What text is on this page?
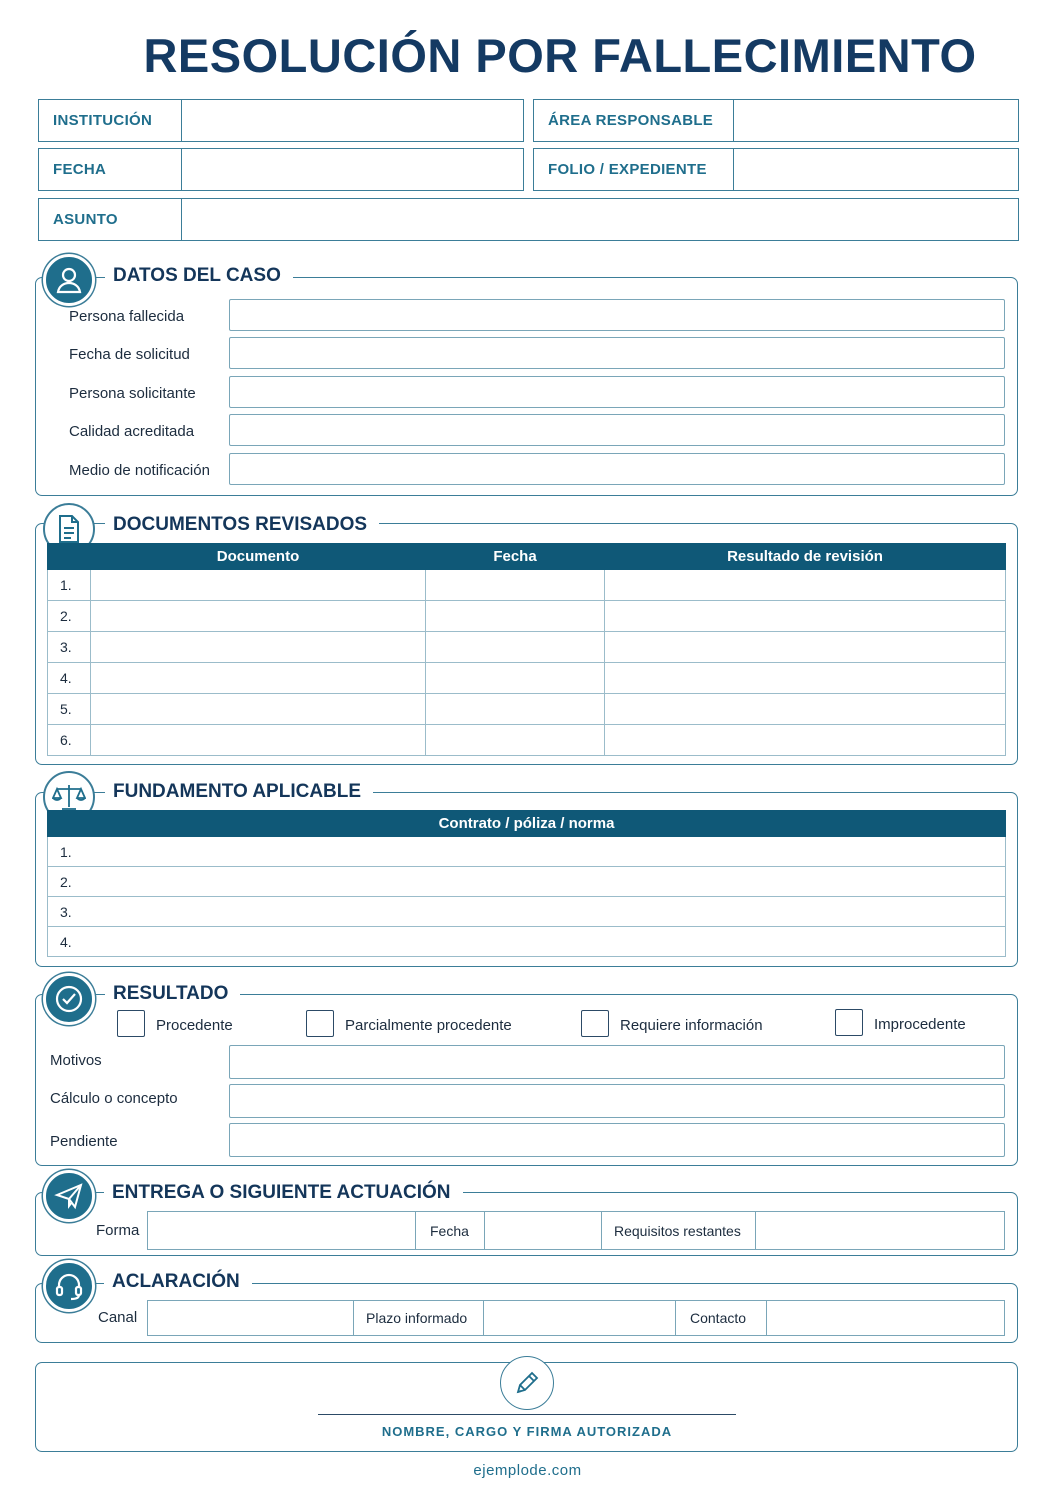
RESOLUCIÓN POR FALLECIMIENTO
INSTITUCIÓN	ÁREA RESPONSABLE
FECHA	FOLIO / EXPEDIENTE
ASUNTO
DATOS DEL CASO
Persona fallecida
Fecha de solicitud
Persona solicitante
Calidad acreditada
Medio de notificación
DOCUMENTOS REVISADOS
	Documento	Fecha	Resultado de revisión
1.			
2.			
3.			
4.			
5.			
6.			
FUNDAMENTO APLICABLE
Contrato / póliza / norma
1.
2.
3.
4.
RESULTADO
Procedente	Parcialmente procedente	Requiere información	Improcedente
Motivos
Cálculo o concepto
Pendiente
ENTREGA O SIGUIENTE ACTUACIÓN
Forma	Fecha	Requisitos restantes
ACLARACIÓN
Canal	Plazo informado	Contacto
NOMBRE, CARGO Y FIRMA AUTORIZADA
ejemplode.com
